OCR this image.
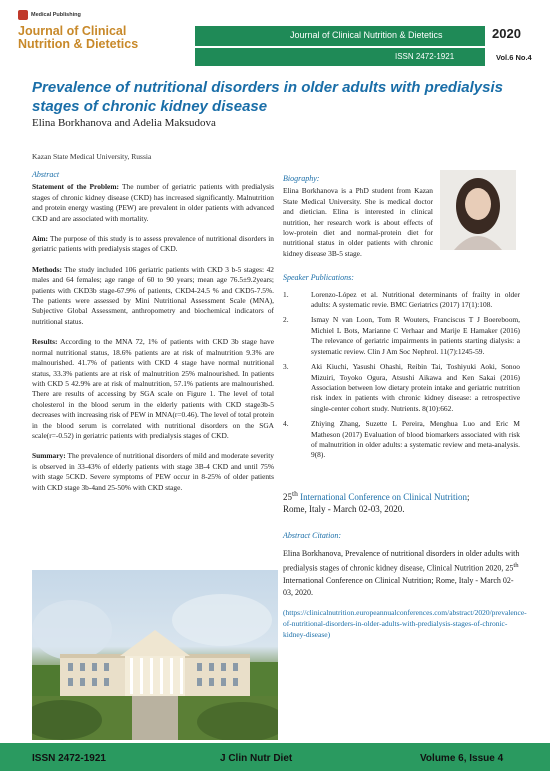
Medical Publishing
Journal of Clinical
Nutrition & Dietetics
Journal of Clinical Nutrition & Dietetics
ISSN 2472-1921
2020
Vol.6 No.4
Prevalence of nutritional disorders in older adults with predialysis stages of chronic kidney disease
Elina Borkhanova and Adelia Maksudova
Kazan State Medical University, Russia
Abstract

Statement of the Problem: The number of geriatric patients with predialysis stages of chronic kidney disease (CKD) has increased significantly. Malnutrition and protein energy wasting (PEW) are prevalent in older patients with advanced CKD and are associated with mortality.

Aim: The purpose of this study is to assess prevalence of nutritional disorders in geriatric patients with predialysis stages of CKD.

Methods: The study included 106 geriatric patients with CKD 3 b-5 stages: 42 males and 64 females; age range of 60 to 90 years; mean age 76.5±9.2years; patients with CKD3b stage-67.9% of patients, CKD4-24.5 % and CKD5-7.5%. The patients were assessed by Mini Nutritional Assessment Scale (MNA), Subjective Global Assessment, anthropometry and biochemical indicators of nutritional status.

Results: According to the MNA 72, 1% of patients with CKD 3b stage have normal nutritional status, 18.6% patients are at risk of malnutrition 9.3% are malnourished. 41.7% of patients with CKD 4 stage have normal nutritional status, 33.3% patients are at risk of malnutrition 25% malnourished. In patients with CKD 5 42.9% are at risk of malnutrition, 57.1% patients are malnourished. There are results of accessing by SGA scale on Figure 1. The level of total cholesterol in the blood serum in the elderly patients with CKD stage3b-5 decreases with increasing risk of PEW in MNA(r=0.46). The level of total protein in the blood serum is correlated with nutritional disorders on the SGA scale(r=-0.52) in geriatric patients with predialysis stages of CKD.

Summary: The prevalence of nutritional disorders of mild and moderate severity is observed in 33-43% of elderly patients with stage 3B-4 CKD and until 75% with stage 5CKD. Severe symptoms of PEW occur in 8-25% of older patients with CKD stage 3b-4and 25-50% with CKD stage.

Biography:
Elina Borkhanova is a PhD student from Kazan State Medical University. She is medical doctor and dietician. Elina is interested in clinical nutrition, her research work is about effects of low-protein diet and normal-protein diet for nutritional status in older patients with chronic kidney disease 3B-5 stage.
Speaker Publications:
1.	Lorenzo-López et al. Nutritional determinants of frailty in older adults: A systematic revie. BMC Geriatrics (2017) 17(1):108.
2.	Ismay N van Loon, Tom R Wouters, Franciscus T J Boereboom, Michiel L Bots, Marianne C Verhaar and Marije E Hamaker (2016) The relevance of geriatric impairments in patients starting dialysis: a systematic review. Clin J Am Soc Nephrol. 11(7):1245-59.
3.	Aki Kiuchi, Yasushi Ohashi, Reibin Tai, Toshiyuki Aoki, Sonoo Mizuiri, Toyoko Ogura, Atsushi Aikawa and Ken Sakai (2016) Association between low dietary protein intake and geriatric nutrition risk index in patients with chronic kidney disease: a retrospective single-center cohort study. Nutrients. 8(10):662.
4.	Zhiying Zhang, Suzette L Pereira, Menghua Luo and Eric M Matheson (2017) Evaluation of blood biomarkers associated with risk of malnutrition in older adults: a systematic review and meta-analysis. 9(8).
25th International Conference on Clinical Nutrition;
Rome, Italy - March 02-03, 2020.
Abstract Citation:
Elina Borkhanova, Prevalence of nutritional disorders in older adults with predialysis stages of chronic kidney disease, Clinical Nutrition 2020, 25th International Conference on Clinical Nutrition; Rome, Italy - March 02-03, 2020.
(https://clinicalnutrition.europeannualconferences.com/abstract/2020/prevalence-of-nutritional-disorders-in-older-adults-with-predialysis-stages-of-chronic-kidney-disease)
ISSN 2472-1921	J Clin Nutr Diet	Volume 6, Issue 4
